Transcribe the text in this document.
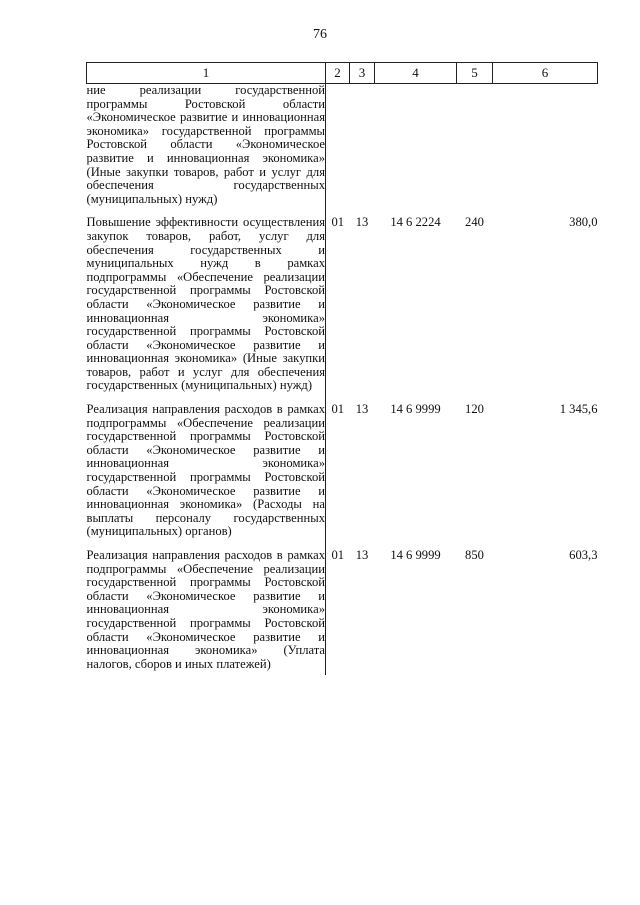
76
1	2	3	4	5	6
ние реализации государственной программы Ростовской области «Экономическое развитие и инновационная экономика» государственной программы Ростовской области «Экономическое развитие и инновационная экономика» (Иные закупки товаров, работ и услуг для обеспечения государственных (муниципальных) нужд)					
Повышение эффективности осуществления закупок товаров, работ, услуг для обеспечения государственных и муниципальных нужд в рамках подпрограммы «Обеспечение реализации государственной программы Ростовской области «Экономическое развитие и инновационная экономика» государственной программы Ростовской области «Экономическое развитие и инновационная экономика» (Иные закупки товаров, работ и услуг для обеспечения государственных (муниципальных) нужд)	01	13	14 6 2224	240	380,0
Реализация направления расходов в рамках подпрограммы «Обеспечение реализации государственной программы Ростовской области «Экономическое развитие и инновационная экономика» государственной программы Ростовской области «Экономическое развитие и инновационная экономика» (Расходы на выплаты персоналу государственных (муниципальных) органов)	01	13	14 6 9999	120	1 345,6
Реализация направления расходов в рамках подпрограммы «Обеспечение реализации государственной программы Ростовской области «Экономическое развитие и инновационная экономика» государственной программы Ростовской области «Экономическое развитие и инновационная экономика» (Уплата налогов, сборов и иных платежей)	01	13	14 6 9999	850	603,3
